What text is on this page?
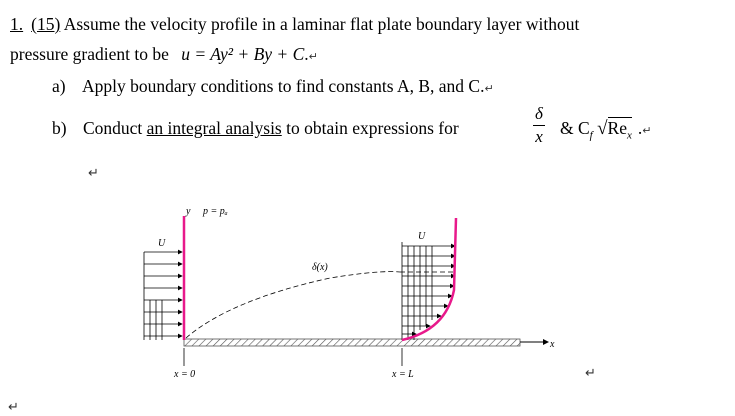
1. (15) Assume the velocity profile in a laminar flat plate boundary layer without
pressure gradient to be u = Ay² + By + C.↵
a) Apply boundary conditions to find constants A, B, and C.↵
b) Conduct an integral analysis to obtain expressions for
δ
x & $C_f$ $√Re_x$ .↵
↵
↵
↵
x
U
y p = pₐ
δ(x)
U
x = 0	x = L
